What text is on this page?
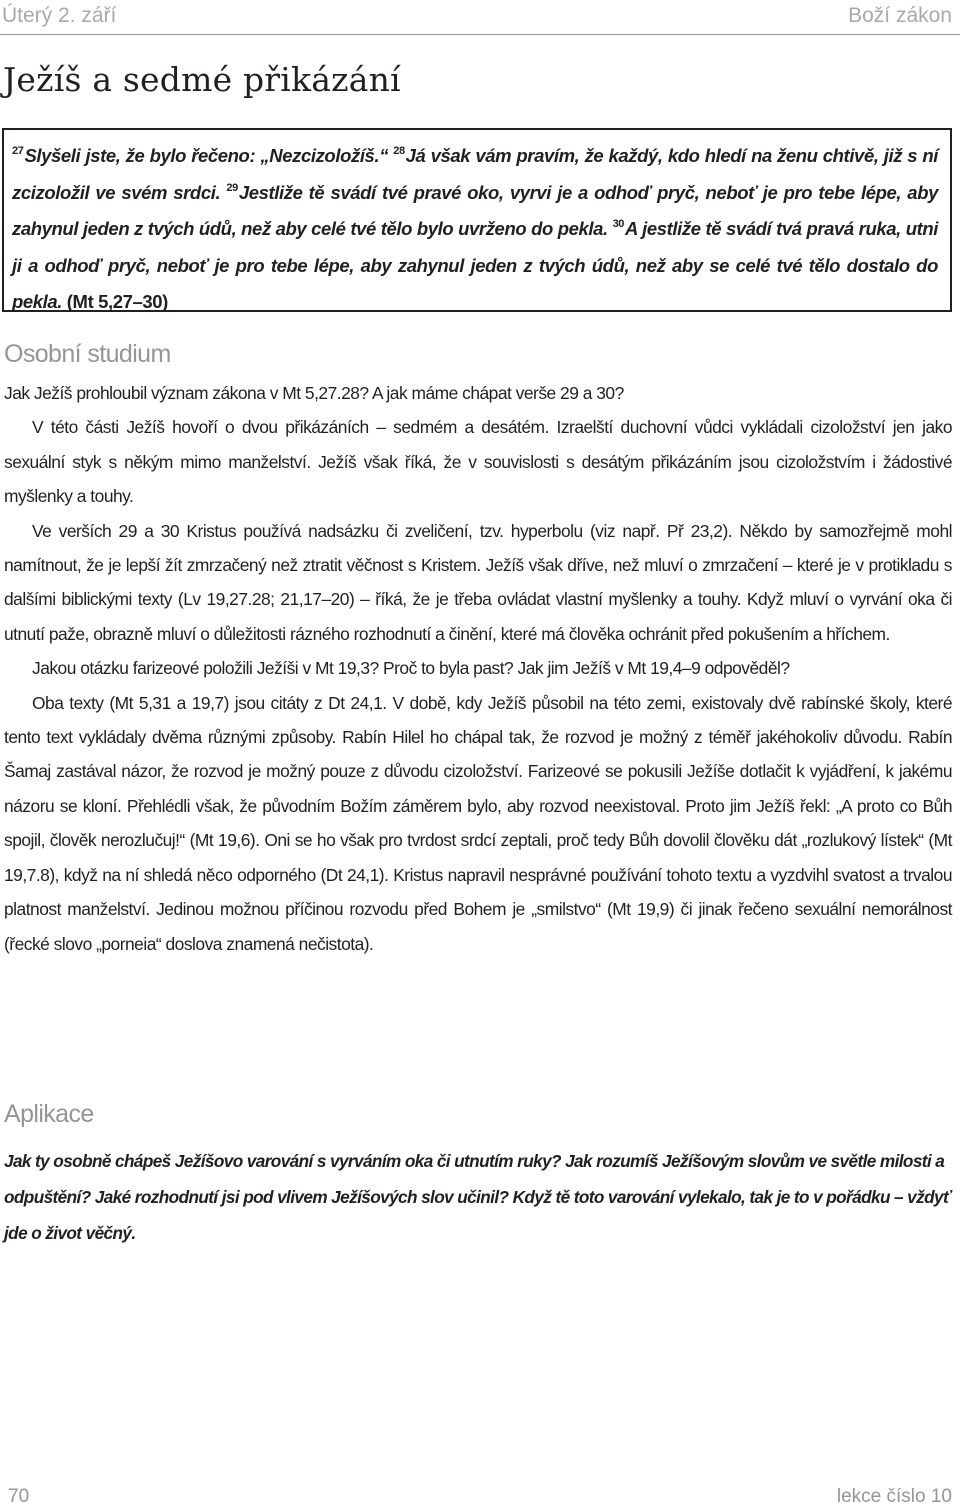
Úterý 2. září	Boží zákon
Ježíš a sedmé přikázání
$^{27}$Slyšeli jste, že bylo řečeno: „Nezcizoložíš.“ $^{28}$Já však vám pravím, že každý, kdo hledí na ženu chtivě, již s ní zcizoložil ve svém srdci. $^{29}$Jestliže tě svádí tvé pravé oko, vyrvi je a odhoď pryč, neboť je pro tebe lépe, aby zahynul jeden z tvých údů, než aby celé tvé tělo bylo uvrženo do pekla. $^{30}$A jestliže tě svádí tvá pravá ruka, utni ji a odhoď pryč, neboť je pro tebe lépe, aby zahynul jeden z tvých údů, než aby se celé tvé tělo dostalo do pekla. (Mt 5,27–30)
Osobní studium

Jak Ježíš prohloubil význam zákona v Mt 5,27.28? A jak máme chápat verše 29 a 30?

V této části Ježíš hovoří o dvou přikázáních – sedmém a desátém. Izraelští duchovní vůdci vykládali cizoložství jen jako sexuální styk s někým mimo manželství. Ježíš však říká, že v souvislosti s desátým přikázáním jsou cizoložstvím i žádostivé myšlenky a touhy.

Ve verších 29 a 30 Kristus používá nadsázku či zveličení, tzv. hyperbolu (viz např. Př 23,2). Někdo by samozřejmě mohl namítnout, že je lepší žít zmrzačený než ztratit věčnost s Kristem. Ježíš však dříve, než mluví o zmrzačení – které je v protikladu s dalšími biblickými texty (Lv 19,27.28; 21,17–20) – říká, že je třeba ovládat vlastní myšlenky a touhy. Když mluví o vyrvání oka či utnutí paže, obrazně mluví o důležitosti rázného rozhodnutí a činění, které má člověka ochránit před pokušením a hříchem.

Jakou otázku farizeové položili Ježíši v Mt 19,3? Proč to byla past? Jak jim Ježíš v Mt 19,4–9 odpověděl?

Oba texty (Mt 5,31 a 19,7) jsou citáty z Dt 24,1. V době, kdy Ježíš působil na této zemi, existovaly dvě rabínské školy, které tento text vykládaly dvěma různými způsoby. Rabín Hilel ho chápal tak, že rozvod je možný z téměř jakéhokoliv důvodu. Rabín Šamaj zastával názor, že rozvod je možný pouze z důvodu cizoložství. Farizeové se pokusili Ježíše dotlačit k vyjádření, k jakému názoru se kloní. Přehlédli však, že původním Božím záměrem bylo, aby rozvod neexistoval. Proto jim Ježíš řekl: „A proto co Bůh spojil, člověk nerozlučuj!“ (Mt 19,6). Oni se ho však pro tvrdost srdcí zeptali, proč tedy Bůh dovolil člověku dát „rozlukový lístek“ (Mt 19,7.8), když na ní shledá něco odporného (Dt 24,1). Kristus napravil nesprávné používání tohoto textu a vyzdvihl svatost a trvalou platnost manželství. Jedinou možnou příčinou rozvodu před Bohem je „smilstvo“ (Mt 19,9) či jinak řečeno sexuální nemorálnost (řecké slovo „porneia“ doslova znamená nečistota).

Aplikace
Jak ty osobně chápeš Ježíšovo varování s vyrváním oka či utnutím ruky? Jak rozumíš Ježíšovým slovům ve světle milosti a odpuštění? Jaké rozhodnutí jsi pod vlivem Ježíšových slov učinil? Když tě toto varování vylekalo, tak je to v pořádku – vždyť jde o život věčný.
70	lekce číslo 10
